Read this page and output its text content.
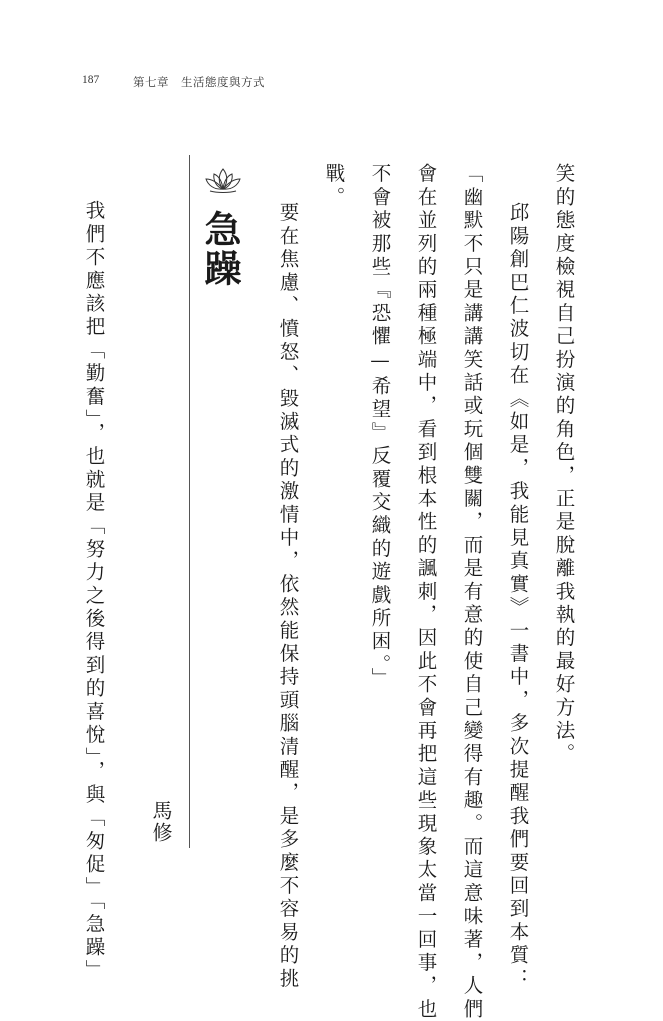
187	第七章　生活態度與方式
笑的態度檢視自己扮演的角色，正是脫離我執的最好方法。
邱陽創巴仁波切在《如是，我能見真實》一書中，多次提醒我們要回到本質：
「幽默不只是講講笑話或玩個雙關，而是有意的使自己變得有趣。而這意味著，人們
會在並列的兩種極端中，看到根本性的諷刺，因此不會再把這些現象太當一回事，也
不會被那些『恐懼—希望』反覆交織的遊戲所困。」
戰。
要在焦慮、憤怒、毀滅式的激情中，依然能保持頭腦清醒，是多麼不容易的挑
我們不應該把「勤奮」，也就是「努力之後得到的喜悅」，與「匆促」「急躁」	急躁
馬修
